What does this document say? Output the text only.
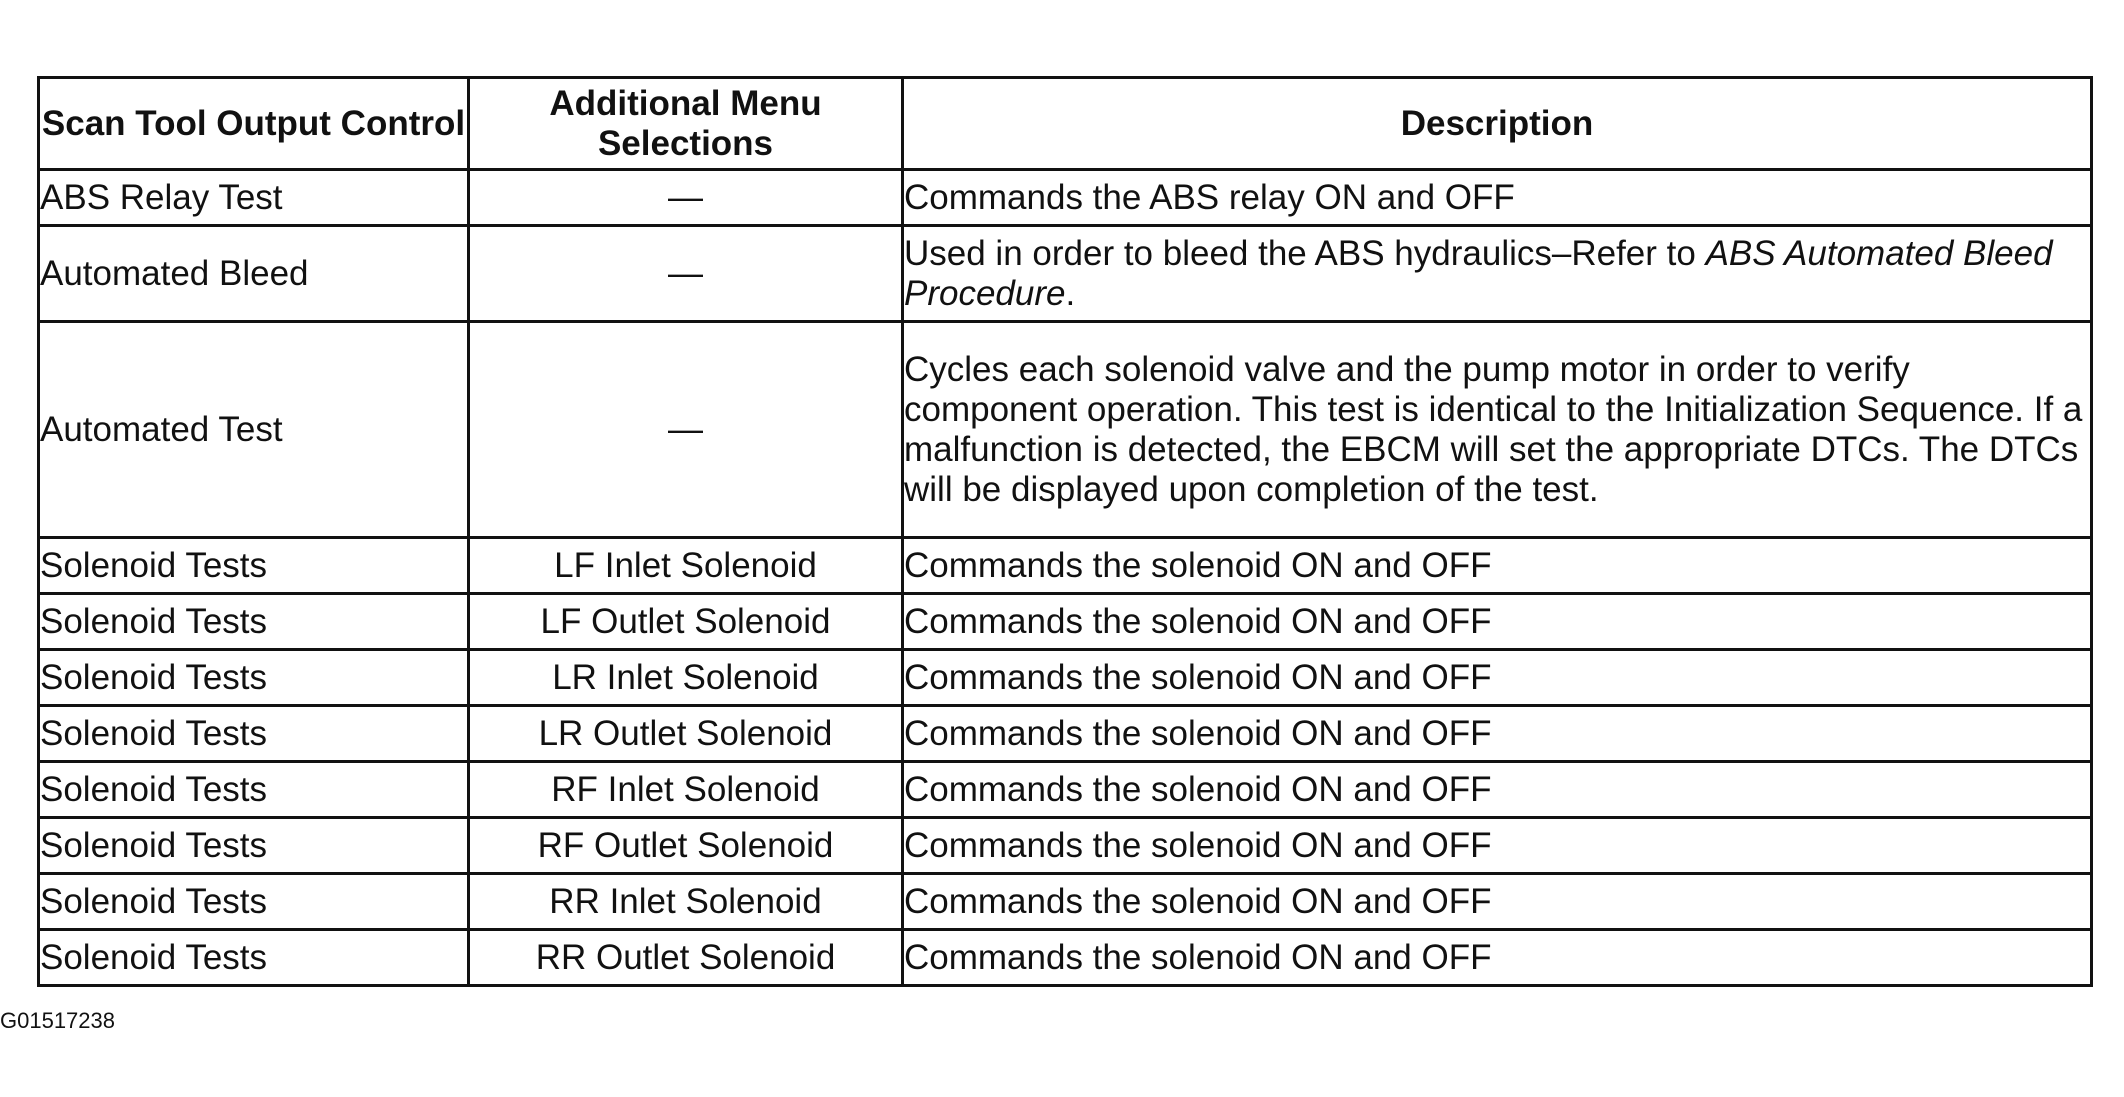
Scan Tool Output Control	Additional Menu Selections	Description
ABS Relay Test	—	Commands the ABS relay ON and OFF
Automated Bleed	—	Used in order to bleed the ABS hydraulics–Refer to ABS Automated Bleed Procedure.
Automated Test	—	Cycles each solenoid valve and the pump motor in order to verify component operation. This test is identical to the Initialization Sequence. If a malfunction is detected, the EBCM will set the appropriate DTCs. The DTCs will be displayed upon completion of the test.
Solenoid Tests	LF Inlet Solenoid	Commands the solenoid ON and OFF
Solenoid Tests	LF Outlet Solenoid	Commands the solenoid ON and OFF
Solenoid Tests	LR Inlet Solenoid	Commands the solenoid ON and OFF
Solenoid Tests	LR Outlet Solenoid	Commands the solenoid ON and OFF
Solenoid Tests	RF Inlet Solenoid	Commands the solenoid ON and OFF
Solenoid Tests	RF Outlet Solenoid	Commands the solenoid ON and OFF
Solenoid Tests	RR Inlet Solenoid	Commands the solenoid ON and OFF
Solenoid Tests	RR Outlet Solenoid	Commands the solenoid ON and OFF
G01517238
